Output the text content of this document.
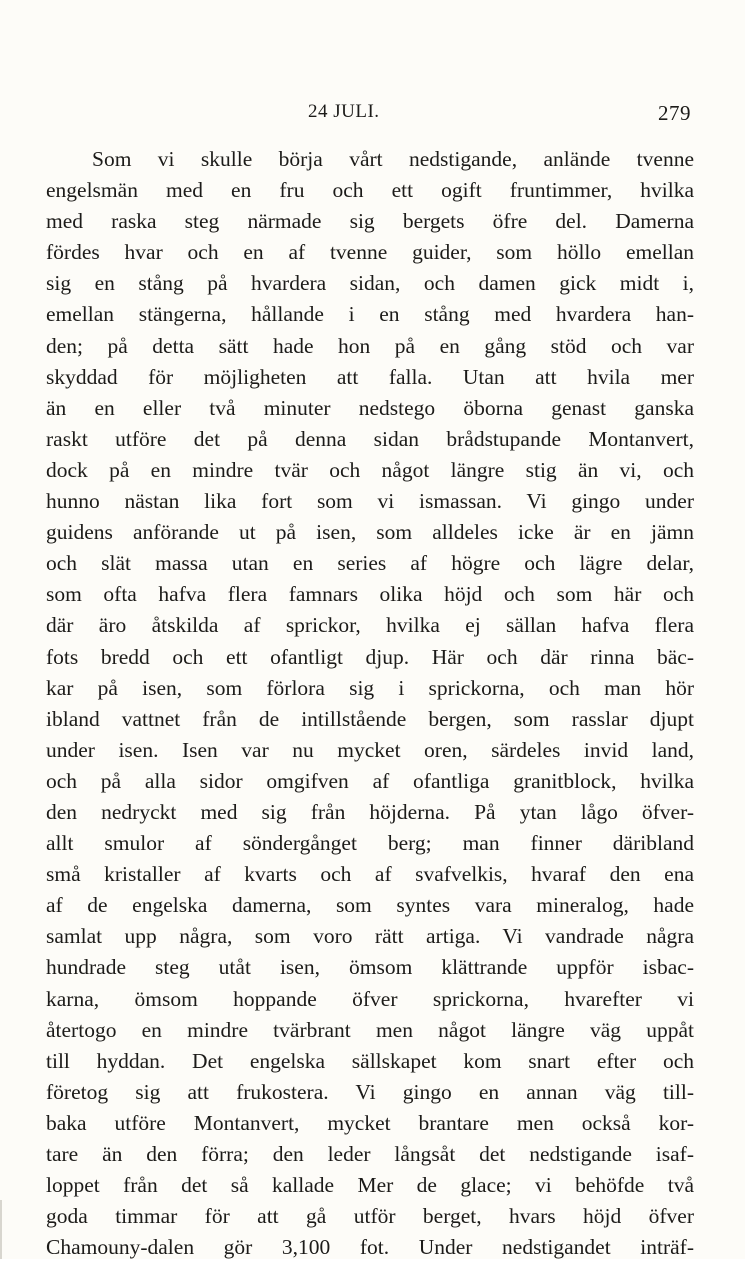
24 JULI.	279
Som vi skulle börja vårt nedstigande, anlände tvenne
engelsmän med en fru och ett ogift fruntimmer, hvilka
med raska steg närmade sig bergets öfre del. Damerna
fördes hvar och en af tvenne guider, som höllo emellan
sig en stång på hvardera sidan, och damen gick midt i,
emellan stängerna, hållande i en stång med hvardera han-
den; på detta sätt hade hon på en gång stöd och var
skyddad för möjligheten att falla. Utan att hvila mer
än en eller två minuter nedstego öborna genast ganska
raskt utföre det på denna sidan brådstupande Montanvert,
dock på en mindre tvär och något längre stig än vi, och
hunno nästan lika fort som vi ismassan. Vi gingo under
guidens anförande ut på isen, som alldeles icke är en jämn
och slät massa utan en series af högre och lägre delar,
som ofta hafva flera famnars olika höjd och som här och
där äro åtskilda af sprickor, hvilka ej sällan hafva flera
fots bredd och ett ofantligt djup. Här och där rinna bäc-
kar på isen, som förlora sig i sprickorna, och man hör
ibland vattnet från de intillstående bergen, som rasslar djupt
under isen. Isen var nu mycket oren, särdeles invid land,
och på alla sidor omgifven af ofantliga granitblock, hvilka
den nedryckt med sig från höjderna. På ytan lågo öfver-
allt smulor af söndergånget berg; man finner däribland
små kristaller af kvarts och af svafvelkis, hvaraf den ena
af de engelska damerna, som syntes vara mineralog, hade
samlat upp några, som voro rätt artiga. Vi vandrade några
hundrade steg utåt isen, ömsom klättrande uppför isbac-
karna, ömsom hoppande öfver sprickorna, hvarefter vi
återtogo en mindre tvärbrant men något längre väg uppåt
till hyddan. Det engelska sällskapet kom snart efter och
företog sig att frukostera. Vi gingo en annan väg till-
baka utföre Montanvert, mycket brantare men också kor-
tare än den förra; den leder långsåt det nedstigande isaf-
loppet från det så kallade Mer de glace; vi behöfde två
goda timmar för att gå utför berget, hvars höjd öfver
Chamouny-dalen gör 3,100 fot. Under nedstigandet inträf-
